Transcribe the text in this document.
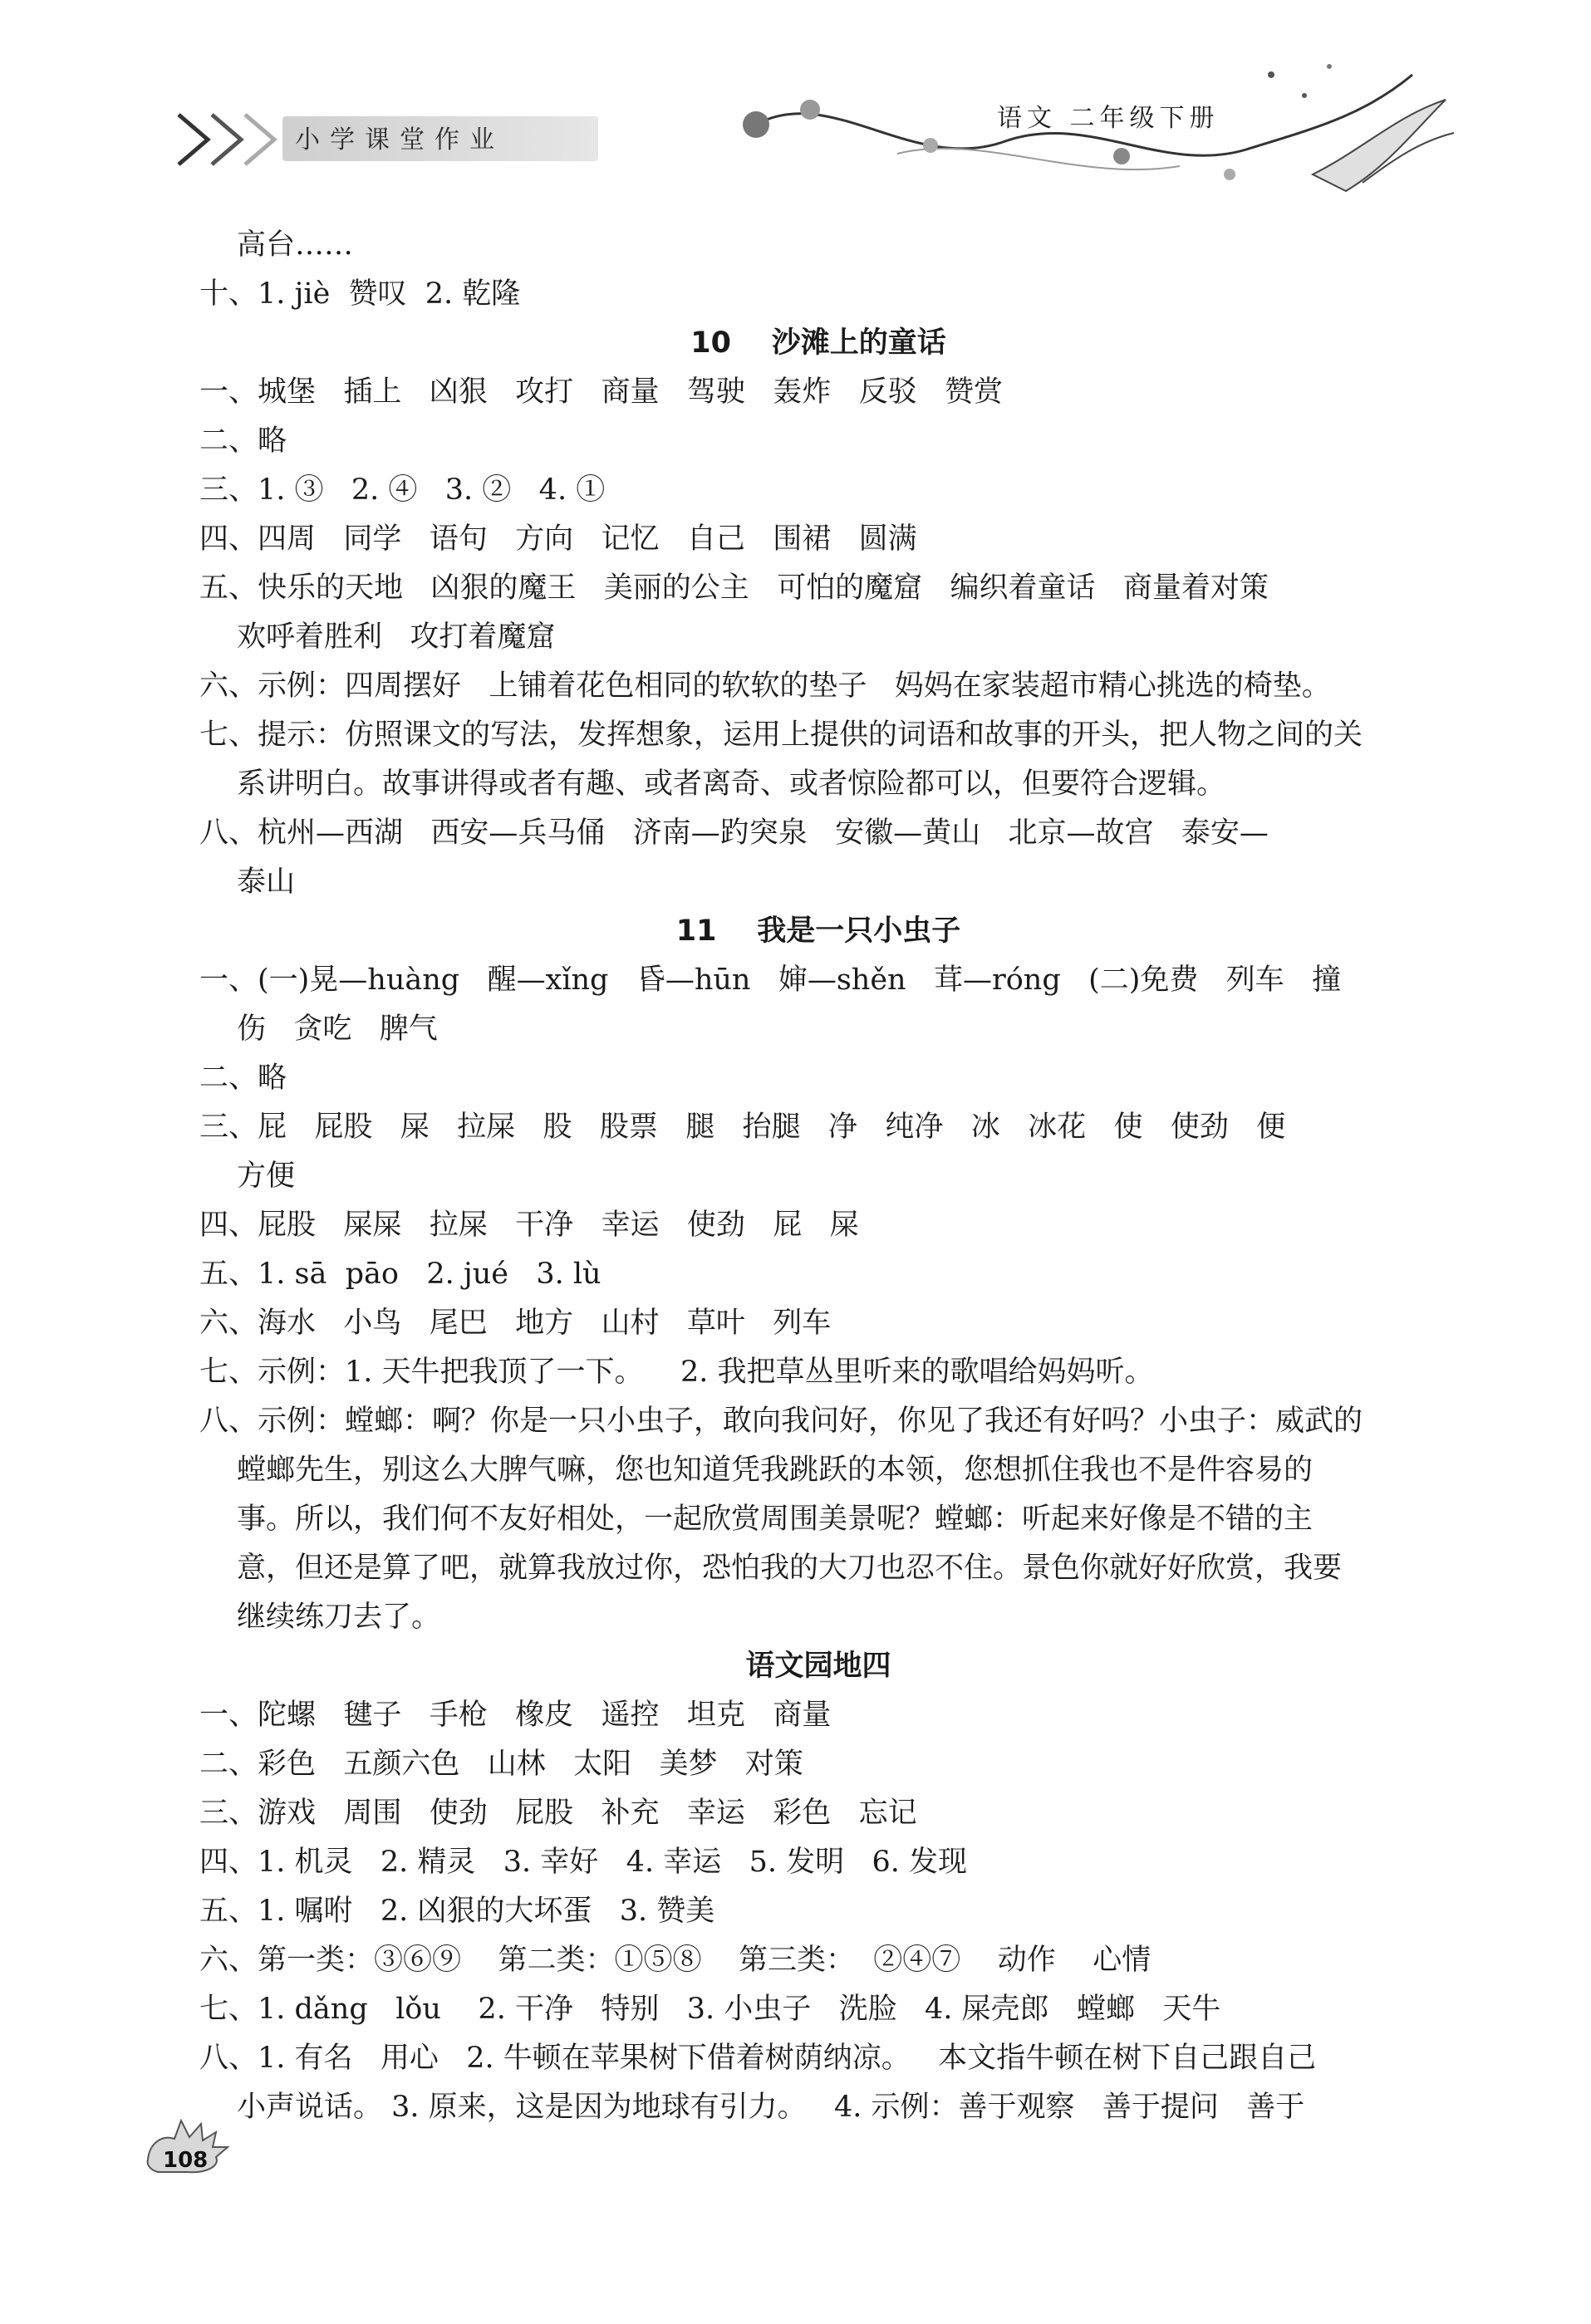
小学课堂作业
语文 二年级下册
高台……
十、1. jiè  赞叹  2. 乾隆
10    沙滩上的童话
一、城堡   插上   凶狠   攻打   商量   驾驶   轰炸   反驳   赞赏
二、略
三、1. ③   2. ④   3. ②   4. ①
四、四周   同学   语句   方向   记忆   自己   围裙   圆满
五、快乐的天地   凶狠的魔王   美丽的公主   可怕的魔窟   编织着童话   商量着对策
欢呼着胜利   攻打着魔窟
六、示例：四周摆好   上铺着花色相同的软软的垫子   妈妈在家装超市精心挑选的椅垫。
七、提示：仿照课文的写法，发挥想象，运用上提供的词语和故事的开头，把人物之间的关
系讲明白。故事讲得或者有趣、或者离奇、或者惊险都可以，但要符合逻辑。
八、杭州—西湖   西安—兵马俑   济南—趵突泉   安徽—黄山   北京—故宫   泰安—
泰山
11    我是一只小虫子
一、(一)晃—huàng   醒—xǐng   昏—hūn   婶—shěn   茸—róng   (二)免费   列车   撞
伤   贪吃   脾气
二、略
三、屁   屁股   屎   拉屎   股   股票   腿   抬腿   净   纯净   冰   冰花   使   使劲   便
方便
四、屁股   屎屎   拉屎   干净   幸运   使劲   屁   屎
五、1. sā  pāo   2. jué   3. lù
六、海水   小鸟   尾巴   地方   山村   草叶   列车
七、示例：1. 天牛把我顶了一下。    2. 我把草丛里听来的歌唱给妈妈听。
八、示例：螳螂：啊？你是一只小虫子，敢向我问好，你见了我还有好吗？小虫子：威武的
螳螂先生，别这么大脾气嘛，您也知道凭我跳跃的本领，您想抓住我也不是件容易的
事。所以，我们何不友好相处，一起欣赏周围美景呢？螳螂：听起来好像是不错的主
意，但还是算了吧，就算我放过你，恐怕我的大刀也忍不住。景色你就好好欣赏，我要
继续练刀去了。
语文园地四
一、陀螺   毽子   手枪   橡皮   遥控   坦克   商量
二、彩色   五颜六色   山林   太阳   美梦   对策
三、游戏   周围   使劲   屁股   补充   幸运   彩色   忘记
四、1. 机灵   2. 精灵   3. 幸好   4. 幸运   5. 发明   6. 发现
五、1. 嘱咐   2. 凶狠的大坏蛋   3. 赞美
六、第一类：③⑥⑨    第二类：①⑤⑧    第三类：  ②④⑦    动作    心情
七、1. dǎng   lǒu    2. 干净   特别   3. 小虫子   洗脸   4. 屎壳郎   螳螂   天牛
八、1. 有名   用心   2. 牛顿在苹果树下借着树荫纳凉。   本文指牛顿在树下自己跟自己
小声说话。 3. 原来，这是因为地球有引力。   4. 示例：善于观察   善于提问   善于
108
